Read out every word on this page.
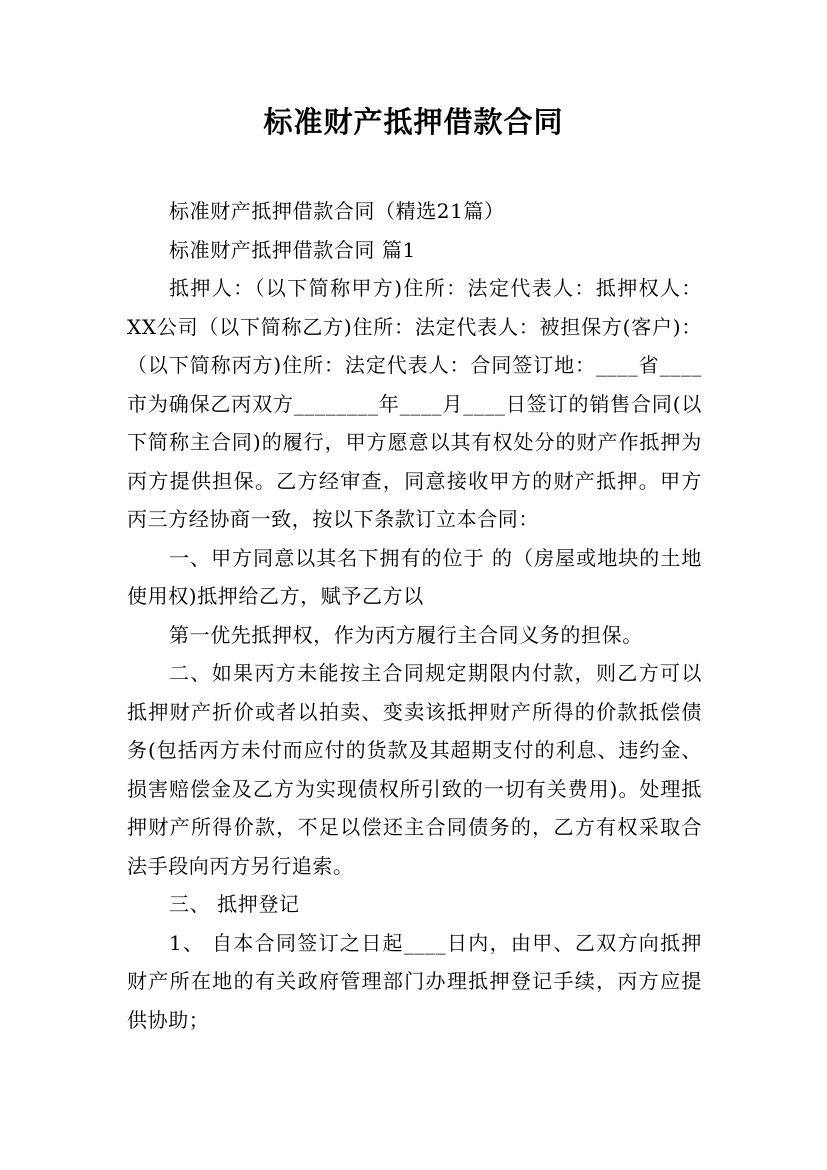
标准财产抵押借款合同

标准财产抵押借款合同（精选21篇）

标准财产抵押借款合同 篇1

抵押人：（以下简称甲方)住所：法定代表人：抵押权人：XX公司（以下简称乙方)住所：法定代表人：被担保方(客户)：（以下简称丙方)住所：法定代表人：合同签订地：____省____市为确保乙丙双方________年____月____日签订的销售合同(以下简称主合同)的履行，甲方愿意以其有权处分的财产作抵押为丙方提供担保。乙方经审查，同意接收甲方的财产抵押。甲方丙三方经协商一致，按以下条款订立本合同：

一、甲方同意以其名下拥有的位于 的（房屋或地块的土地使用权)抵押给乙方，赋予乙方以

第一优先抵押权，作为丙方履行主合同义务的担保。

二、如果丙方未能按主合同规定期限内付款，则乙方可以抵押财产折价或者以拍卖、变卖该抵押财产所得的价款抵偿债务(包括丙方未付而应付的货款及其超期支付的利息、违约金、损害赔偿金及乙方为实现债权所引致的一切有关费用)。处理抵押财产所得价款，不足以偿还主合同债务的，乙方有权采取合法手段向丙方另行追索。

三、 抵押登记

1、 自本合同签订之日起____日内，由甲、乙双方向抵押财产所在地的有关政府管理部门办理抵押登记手续，丙方应提供协助；
